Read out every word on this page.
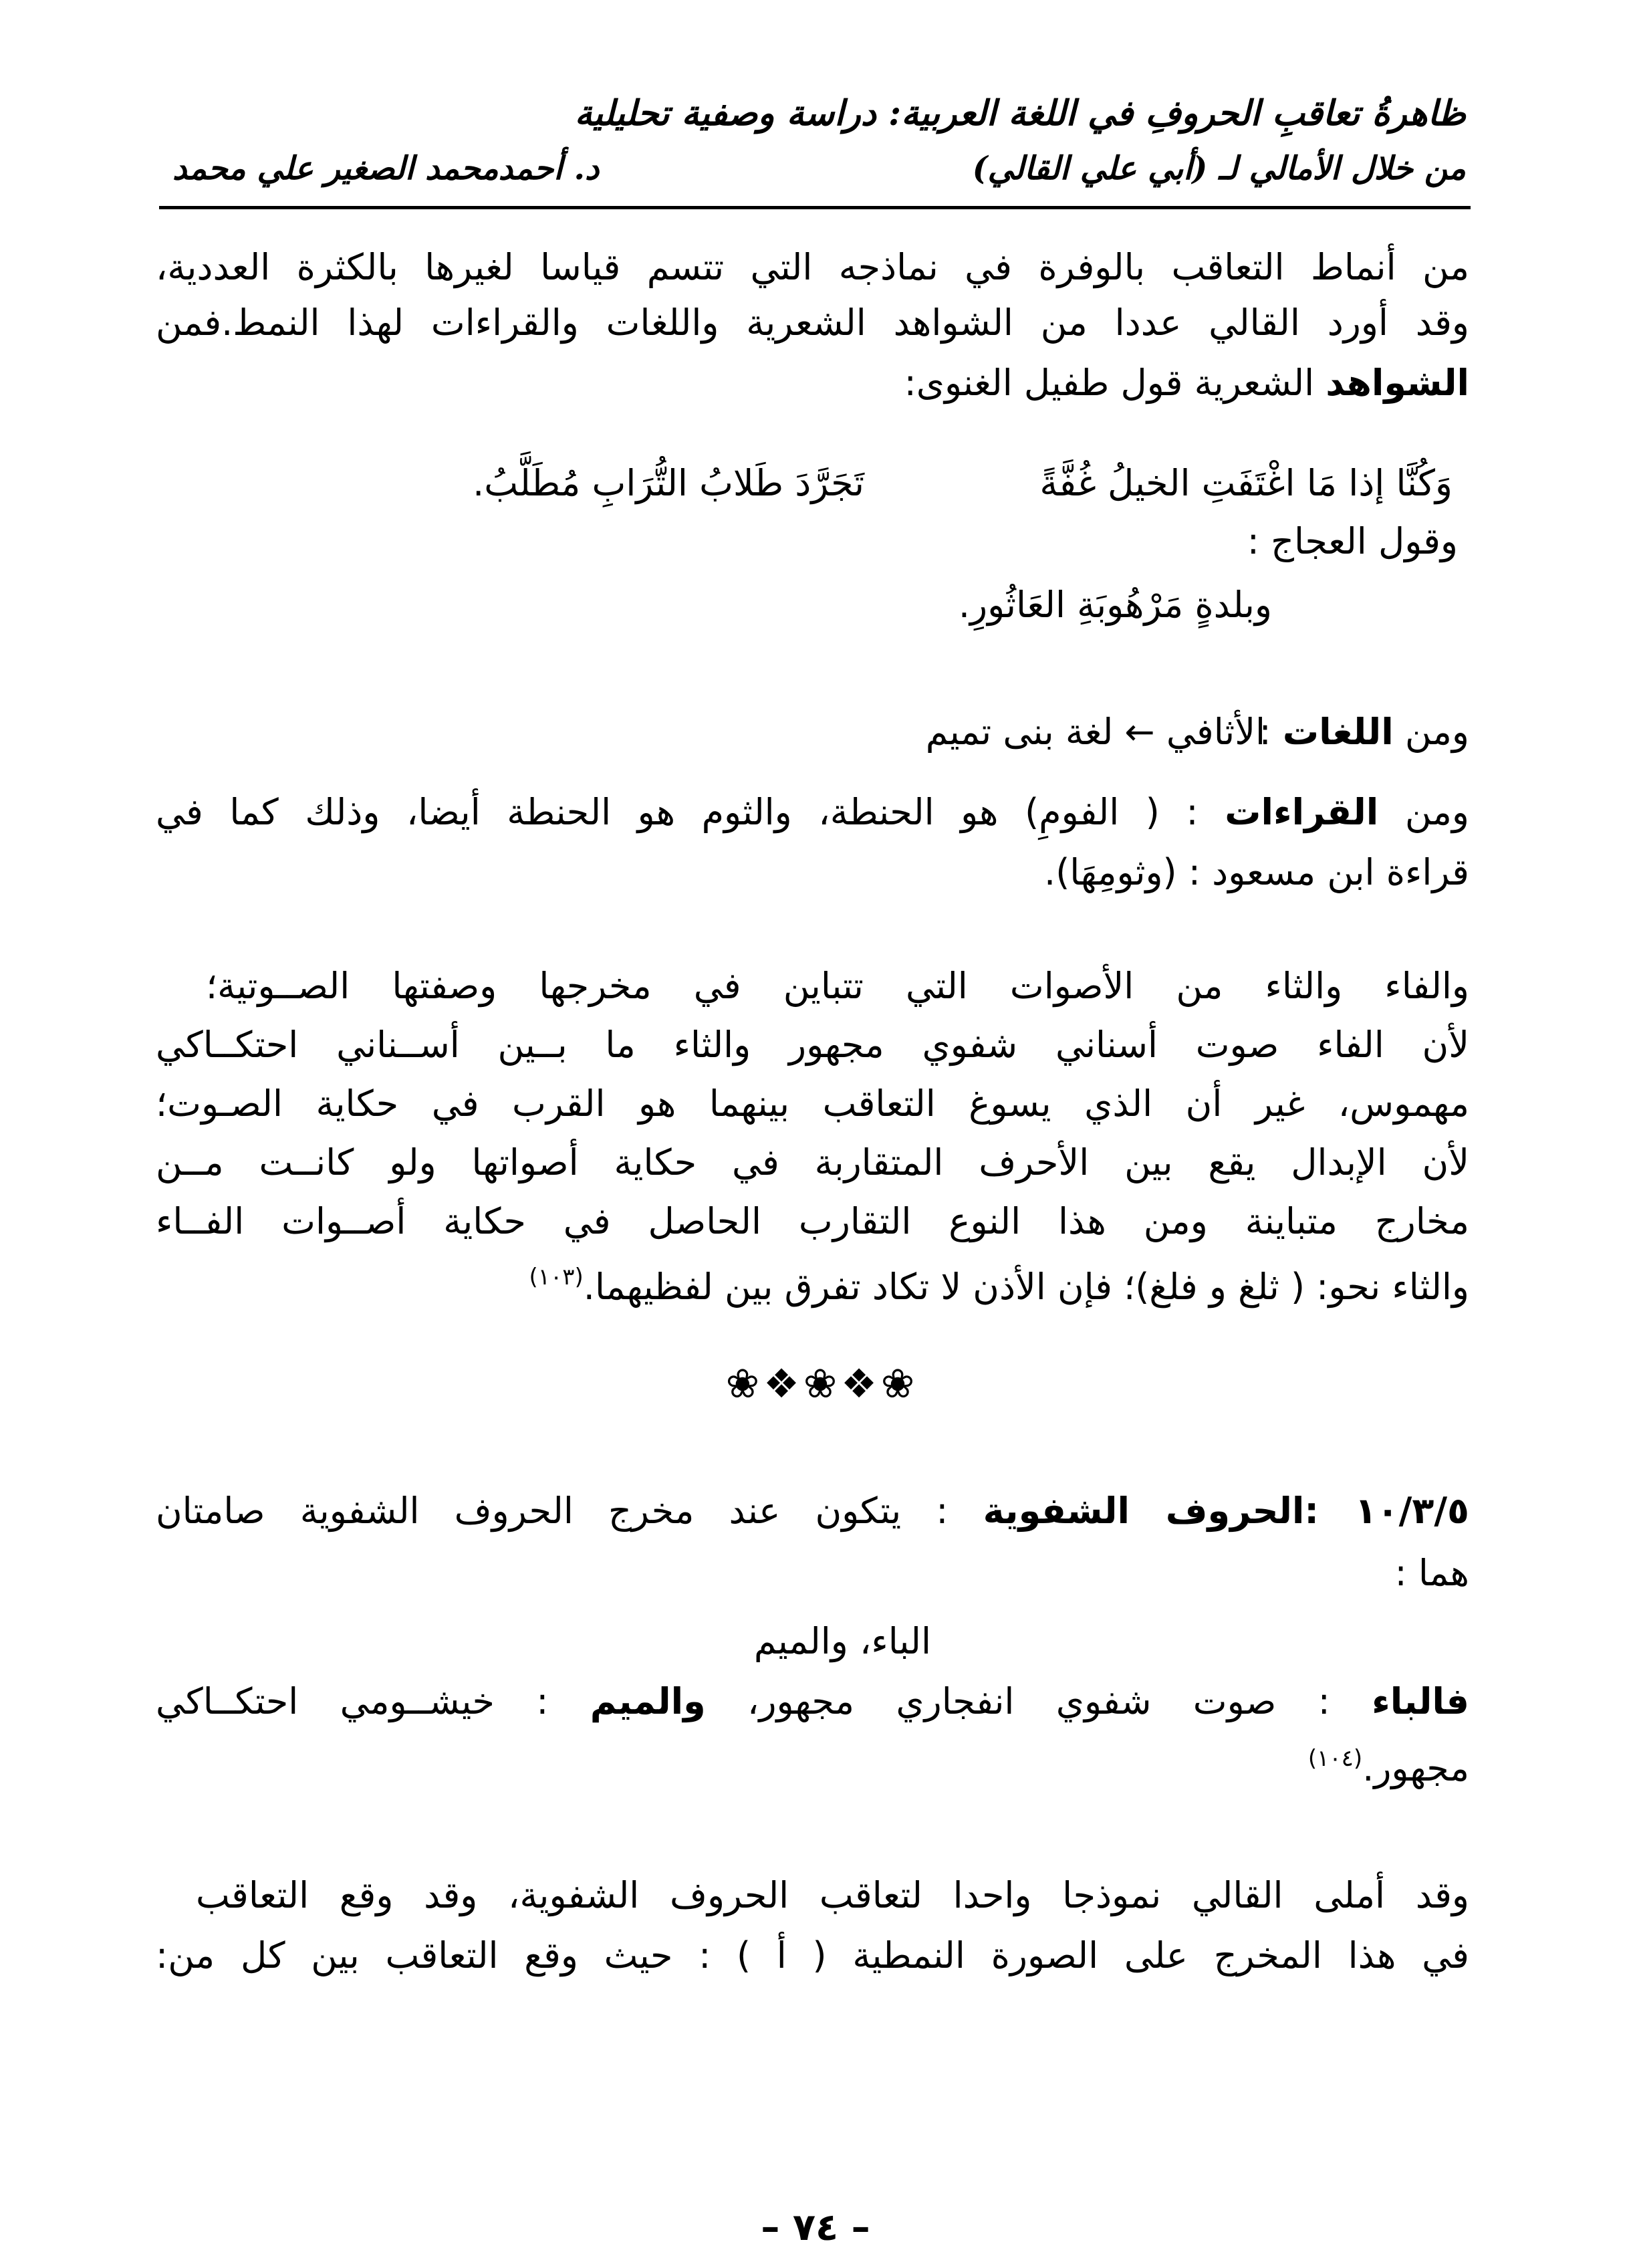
ظاهرةُ تعاقبِ الحروفِ في اللغة العربية: دراسة وصفية تحليلية
من خلال الأمالي لـ (أبي علي القالي)
د. أحمدمحمد الصغير علي محمد
من أنماط التعاقب بالوفرة في نماذجه التي تتسم قياسا لغيرها بالكثرة العددية،
وقد أورد القالي عددا من الشواهد الشعرية واللغات والقراءات لهذا النمط.فمن
الشواهد الشعرية قول طفيل الغنوى:
وَكُنَّا إذا مَا اغْتَفَتِ الخيلُ غُفَّةً
تَجَرَّدَ طَلابُ التُّرَابِ مُطَلَّبُ.
وقول العجاج :
وبلدةٍ مَرْهُوبَةِ العَاثُورِ.
ومن اللغات :
الأثافي ← لغة بنى تميم
ومن القراءات : ( الفومِ) هو الحنطة، والثوم هو الحنطة أيضا، وذلك كما في
قراءة ابن مسعود : (وثومِهَا).
والفاء والثاء من الأصوات التي تتباين في مخرجها وصفتها الصــوتية؛
لأن الفاء صوت أسناني شفوي مجهور والثاء ما بــين أســناني احتكــاكي
مهموس، غير أن الذي يسوغ التعاقب بينهما هو القرب في حكاية الصـوت؛
لأن الإبدال يقع بين الأحرف المتقاربة في حكاية أصواتها ولو كانــت مــن
مخارج متباينة ومن هذا النوع التقارب الحاصل في حكاية أصــوات الفــاء
والثاء نحو: ( ثلغ و فلغ)؛ فإن الأذن لا تكاد تفرق بين لفظيهما.$^{(١٠٣)}$
❀❖❀❖❀
١٠/٣/٥ :الحروف الشفوية : يتكون عند مخرج الحروف الشفوية صامتان
هما :
الباء، والميم
فالباء : صوت شفوي انفجاري مجهور، والميم : خيشــومي احتكــاكي
مجهور.$^{(١٠٤)}$
وقد أملى القالي نموذجا واحدا لتعاقب الحروف الشفوية، وقد وقع التعاقب
في هذا المخرج على الصورة النمطية ( أ ) : حيث وقع التعاقب بين كل من:
– ٧٤ –
